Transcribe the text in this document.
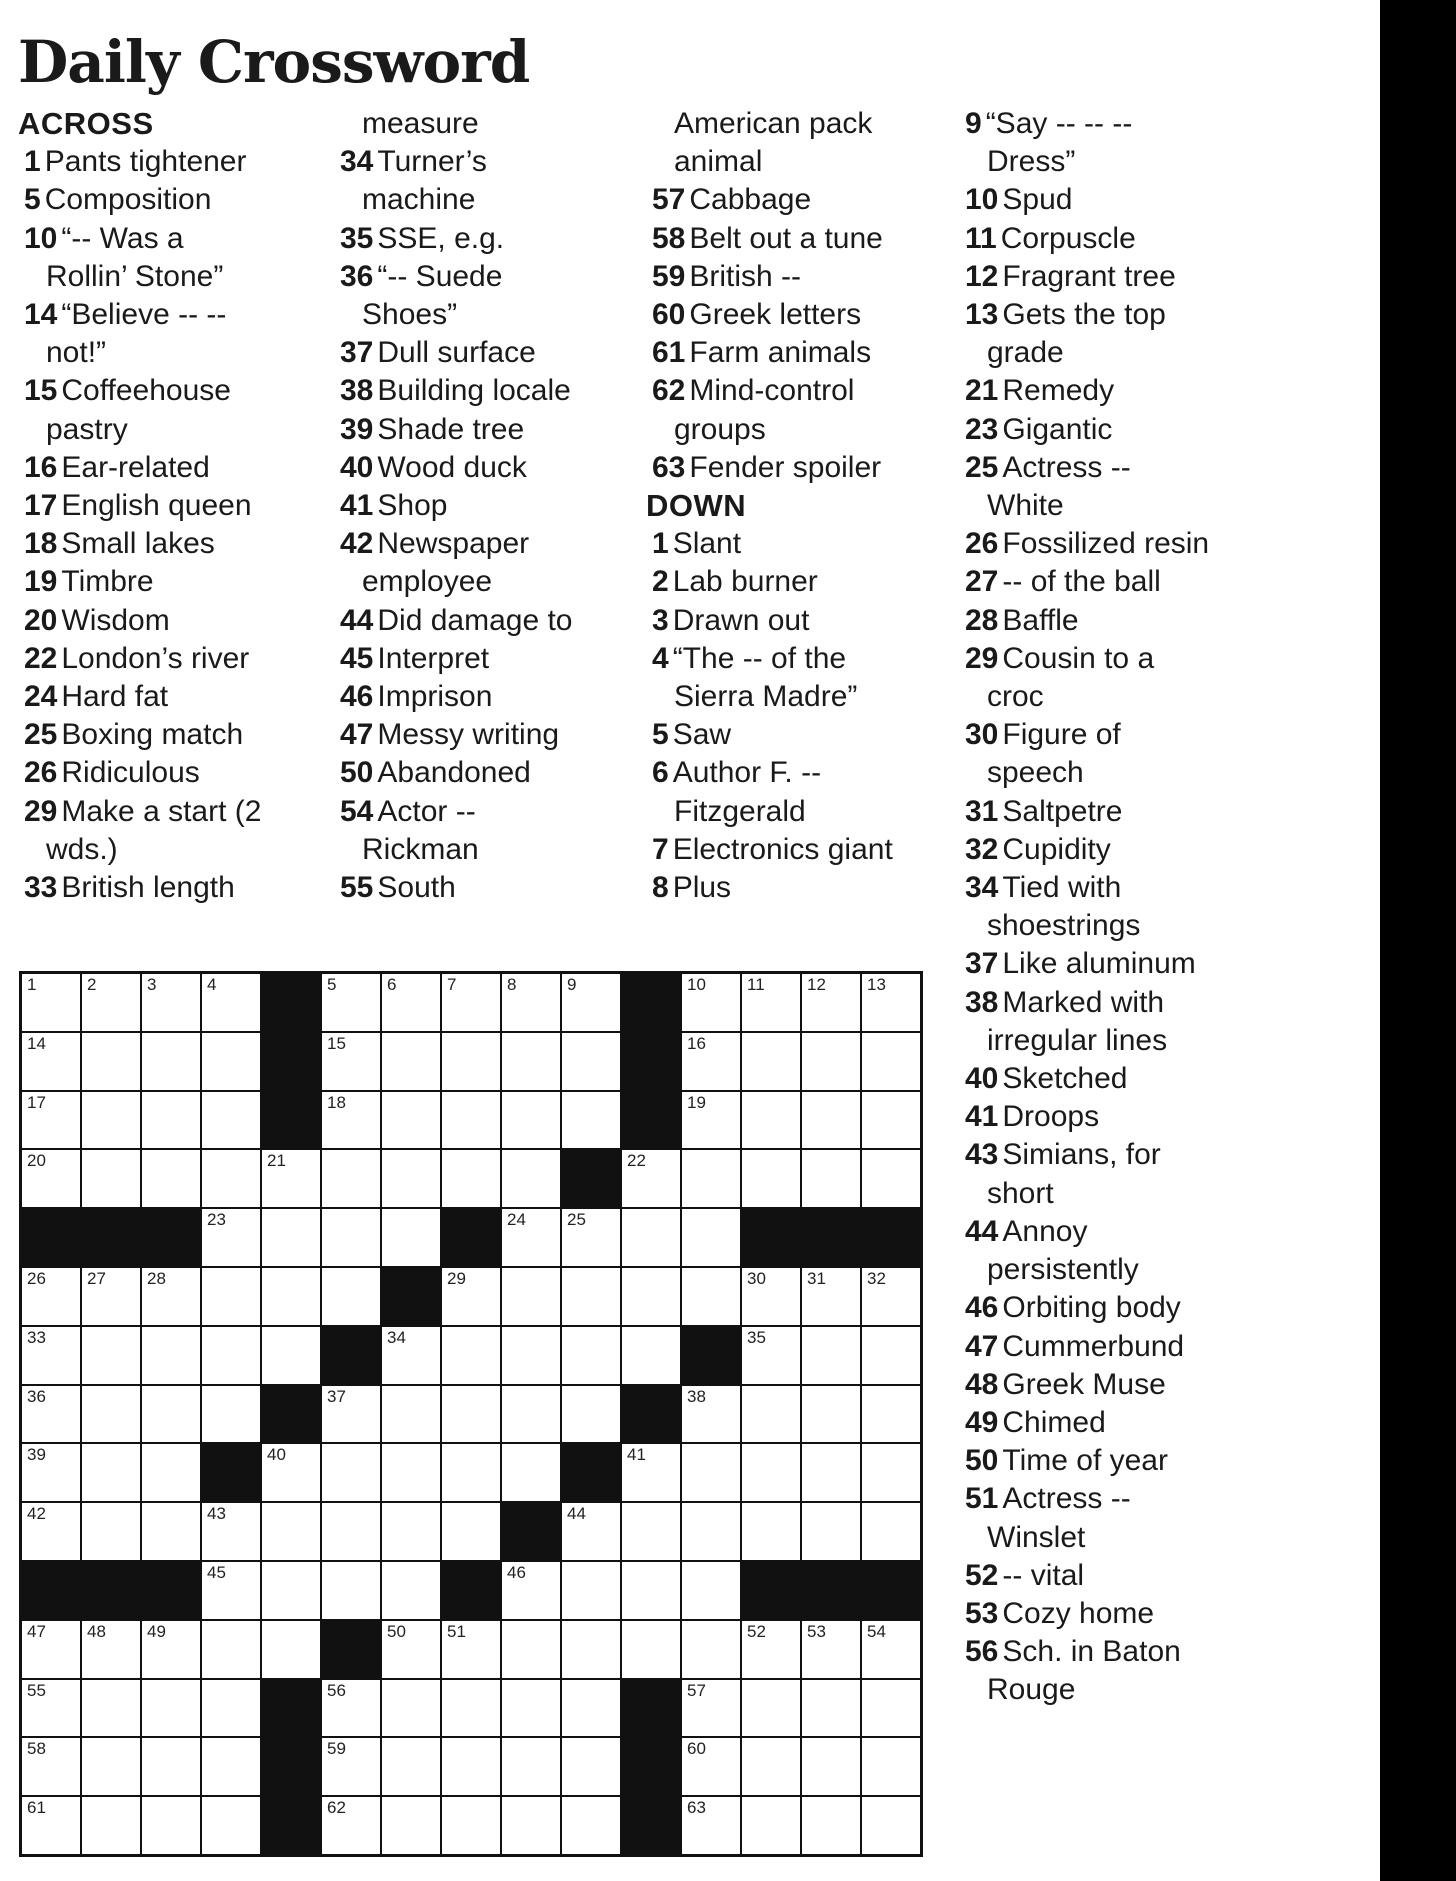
Daily Crossword
ACROSS
1 Pants tightener
5 Composition
10 “-- Was a
Rollin’ Stone”
14 “Believe -- --
not!”
15 Coffeehouse
pastry
16 Ear-related
17 English queen
18 Small lakes
19 Timbre
20 Wisdom
22 London’s river
24 Hard fat
25 Boxing match
26 Ridiculous
29 Make a start (2
wds.)
33 British length
measure
34 Turner’s
machine
35 SSE, e.g.
36 “-- Suede
Shoes”
37 Dull surface
38 Building locale
39 Shade tree
40 Wood duck
41 Shop
42 Newspaper
employee
44 Did damage to
45 Interpret
46 Imprison
47 Messy writing
50 Abandoned
54 Actor --
Rickman
55 South
American pack
animal
57 Cabbage
58 Belt out a tune
59 British --
60 Greek letters
61 Farm animals
62 Mind-control
groups
63 Fender spoiler
DOWN
1 Slant
2 Lab burner
3 Drawn out
4 “The -- of the
Sierra Madre”
5 Saw
6 Author F. --
Fitzgerald
7 Electronics giant
8 Plus
9 “Say -- -- --
Dress”
10 Spud
11 Corpuscle
12 Fragrant tree
13 Gets the top
grade
21 Remedy
23 Gigantic
25 Actress --
White
26 Fossilized resin
27 -- of the ball
28 Baffle
29 Cousin to a
croc
30 Figure of
speech
31 Saltpetre
32 Cupidity
34 Tied with
shoestrings
37 Like aluminum
38 Marked with
irregular lines
40 Sketched
41 Droops
43 Simians, for
short
44 Annoy
persistently
46 Orbiting body
47 Cummerbund
48 Greek Muse
49 Chimed
50 Time of year
51 Actress --
Winslet
52 -- vital
53 Cozy home
56 Sch. in Baton
Rouge
1	2	3	4	5	6	7	8	9	10 11 12 13
14	15	16
17	18	19
20	21	22
23	24 25
26 27 28	29	30 31 32
33	34	35
36	37	38
39	40	41
42	43	44
45	46
47 48 49	50 51	52 53 54
55	56	57
58	59	60
61	62	63
